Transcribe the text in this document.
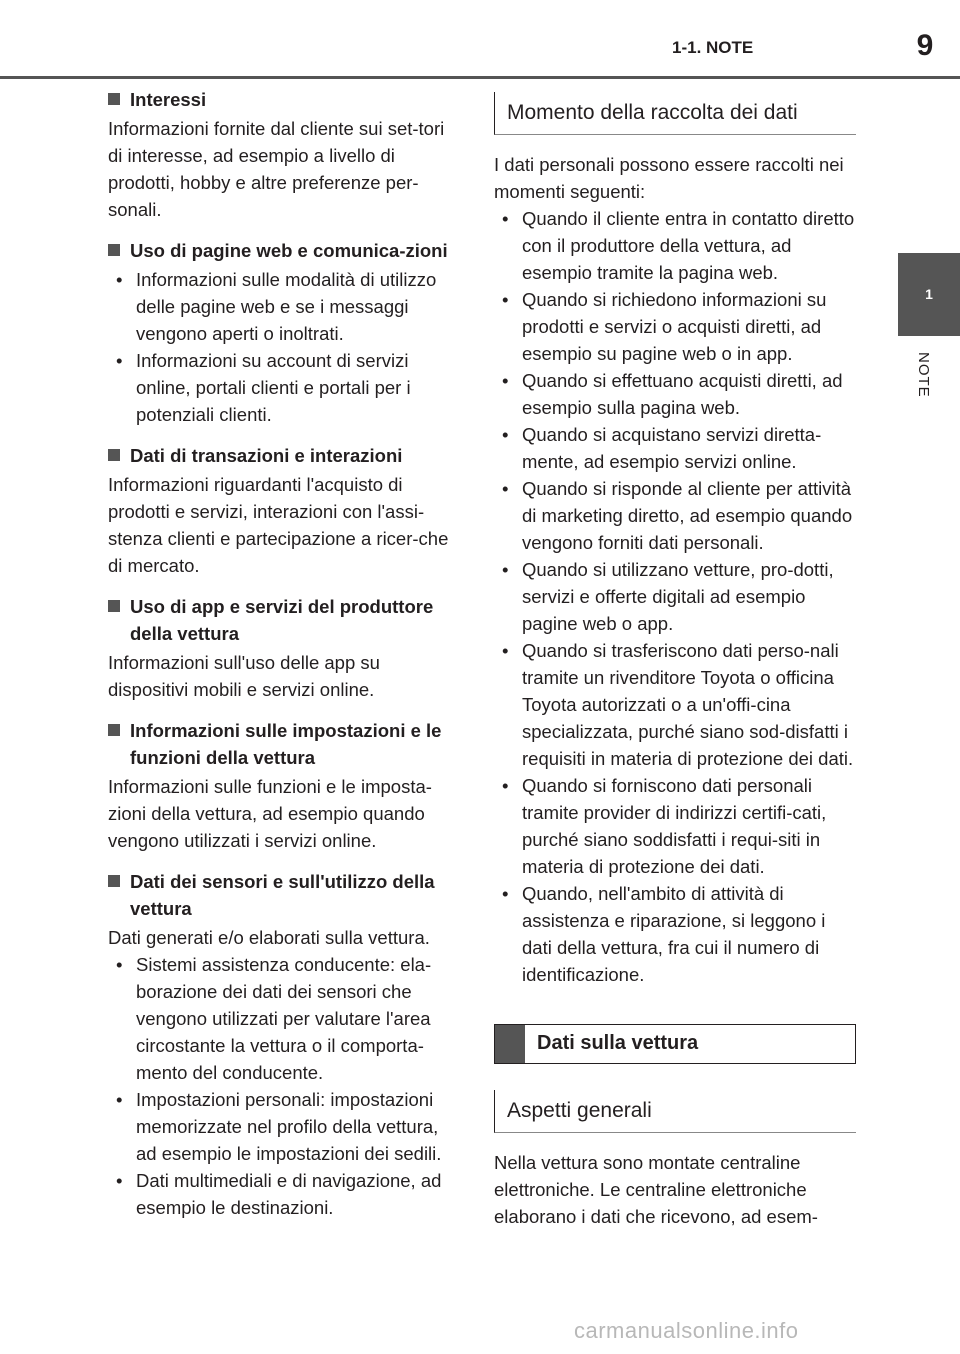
1-1. NOTE	9
1
NOTE
Interessi

Informazioni fornite dal cliente sui set-tori di interesse, ad esempio a livello di prodotti, hobby e altre preferenze per-sonali.

Uso di pagine web e comunica-zioni
• Informazioni sulle modalità di utilizzo delle pagine web e se i messaggi vengono aperti o inoltrati.
• Informazioni su account di servizi online, portali clienti e portali per i potenziali clienti.
Dati di transazioni e interazioni

Informazioni riguardanti l'acquisto di prodotti e servizi, interazioni con l'assi-stenza clienti e partecipazione a ricer-che di mercato.

Uso di app e servizi del produttore della vettura

Informazioni sull'uso delle app su dispositivi mobili e servizi online.

Informazioni sulle impostazioni e le funzioni della vettura

Informazioni sulle funzioni e le imposta-zioni della vettura, ad esempio quando vengono utilizzati i servizi online.

Dati dei sensori e sull'utilizzo della vettura

Dati generati e/o elaborati sulla vettura.

• Sistemi assistenza conducente: ela-borazione dei dati dei sensori che vengono utilizzati per valutare l'area circostante la vettura o il comporta-mento del conducente.
• Impostazioni personali: impostazioni memorizzate nel profilo della vettura, ad esempio le impostazioni dei sedili.
• Dati multimediali e di navigazione, ad esempio le destinazioni.
Momento della raccolta dei dati

I dati personali possono essere raccolti nei momenti seguenti:

• Quando il cliente entra in contatto diretto con il produttore della vettura, ad esempio tramite la pagina web.
• Quando si richiedono informazioni su prodotti e servizi o acquisti diretti, ad esempio su pagine web o in app.
• Quando si effettuano acquisti diretti, ad esempio sulla pagina web.
• Quando si acquistano servizi diretta-mente, ad esempio servizi online.
• Quando si risponde al cliente per attività di marketing diretto, ad esempio quando vengono forniti dati personali.
• Quando si utilizzano vetture, pro-dotti, servizi e offerte digitali ad esempio pagine web o app.
• Quando si trasferiscono dati perso-nali tramite un rivenditore Toyota o officina Toyota autorizzati o a un'offi-cina specializzata, purché siano sod-disfatti i requisiti in materia di protezione dei dati.
• Quando si forniscono dati personali tramite provider di indirizzi certifi-cati, purché siano soddisfatti i requi-siti in materia di protezione dei dati.
• Quando, nell'ambito di attività di assistenza e riparazione, si leggono i dati della vettura, fra cui il numero di identificazione.
Dati sulla vettura
Aspetti generali

Nella vettura sono montate centraline elettroniche. Le centraline elettroniche elaborano i dati che ricevono, ad esem-

carmanualsonline.info
